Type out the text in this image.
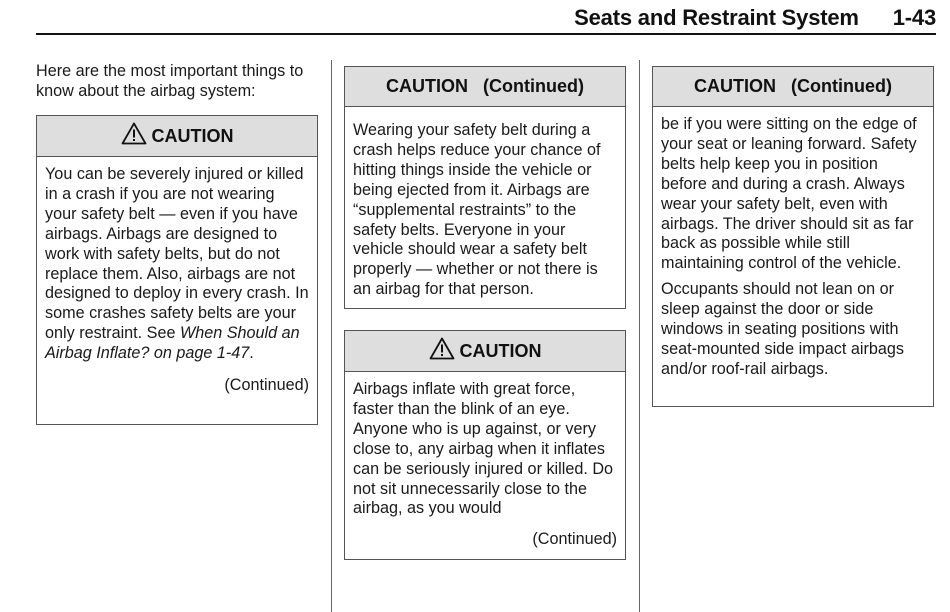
Seats and Restraint System 1-43
Here are the most important things to know about the airbag system:
CAUTION

You can be severely injured or killed in a crash if you are not wearing your safety belt — even if you have airbags. Airbags are designed to work with safety belts, but do not replace them. Also, airbags are not designed to deploy in every crash. In some crashes safety belts are your only restraint. See When Should an Airbag Inflate? on page 1-47.

(Continued)
CAUTION   (Continued)
Wearing your safety belt during a crash helps reduce your chance of hitting things inside the vehicle or being ejected from it. Airbags are “supplemental restraints” to the safety belts. Everyone in your vehicle should wear a safety belt properly — whether or not there is an airbag for that person.
CAUTION

Airbags inflate with great force, faster than the blink of an eye. Anyone who is up against, or very close to, any airbag when it inflates can be seriously injured or killed. Do not sit unnecessarily close to the airbag, as you would

(Continued)
CAUTION   (Continued)

be if you were sitting on the edge of your seat or leaning forward. Safety belts help keep you in position before and during a crash. Always wear your safety belt, even with airbags. The driver should sit as far back as possible while still maintaining control of the vehicle.

Occupants should not lean on or sleep against the door or side windows in seating positions with seat-mounted side impact airbags and/or roof-rail airbags.
